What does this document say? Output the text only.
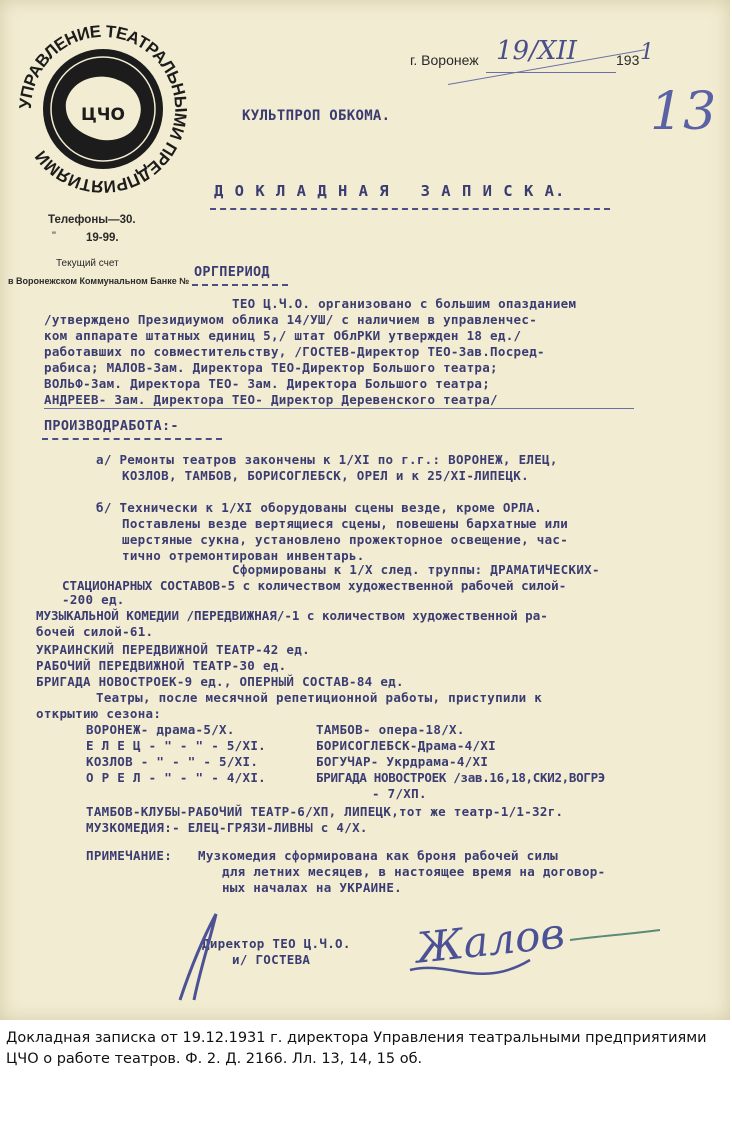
ЦЧО
УПРАВЛЕНИЕ ТЕАТРАЛЬНЫМИ ПРЕДПРИЯТИЯМИ
г. Воронеж 19/XII	193 1
13
Телефоны—30.
"	19-99.
Текущий счет
в Воронежском Коммунальном Банке №
КУЛЬТПРОП ОБКОМА.
Д О К Л А Д Н А Я   З А П И С К А.
ОРГПЕРИОД
ТЕО Ц.Ч.О. организовано с большим опазданием
/утверждено Президиумом облика 14/УШ/ с наличием в управленчес-
ком аппарате штатных единиц 5,/ штат ОблРКИ утвержден 18 ед./
работавших по совместительству, /ГОСТЕВ-Директор ТЕО-Зав.Посред-
рабиса; МАЛОВ-Зам. Директора ТЕО-Директор Большого театра;
ВОЛЬФ-Зам. Директора ТЕО- Зам. Директора Большого театра;
АНДРЕЕВ- Зам. Директора ТЕО- Директор Деревенского театра/
ПРОИЗВОДРАБОТА:-
а/ Ремонты театров закончены к 1/XI по г.г.: ВОРОНЕЖ, ЕЛЕЦ,
КОЗЛОВ, ТАМБОВ, БОРИСОГЛЕБСК, ОРЕЛ и к 25/XI-ЛИПЕЦК.
б/ Технически к 1/XI оборудованы сцены везде, кроме ОРЛА.
Поставлены везде вертящиеся сцены, повешены бархатные или
шерстяные сукна, установлено прожекторное освещение, час-
тично отремонтирован инвентарь.
Сформированы к 1/X след. труппы: ДРАМАТИЧЕСКИХ-
СТАЦИОНАРНЫХ СОСТАВОВ-5 с количеством художественной рабочей силой-
-200 ед.
МУЗЫКАЛЬНОЙ КОМЕДИИ /ПЕРЕДВИЖНАЯ/-1 с количеством художественной ра-
бочей силой-61.
УКРАИНСКИЙ ПЕРЕДВИЖНОЙ ТЕАТР-42 ед.
РАБОЧИЙ ПЕРЕДВИЖНОЙ ТЕАТР-30 ед.
БРИГАДА НОВОСТРОЕК-9 ед., ОПЕРНЫЙ СОСТАВ-84 ед.
Театры, после месячной репетиционной работы, приступили к
открытию сезона:
ВОРОНЕЖ- драма-5/Х.	ТАМБОВ- опера-18/Х.
Е Л Е Ц - " - " - 5/XI.	БОРИСОГЛЕБСК-Драма-4/XI
КОЗЛОВ - " - " - 5/XI.	БОГУЧАР- Укрдрама-4/XI
О Р Е Л - " - " - 4/XI.	БРИГАДА НОВОСТРОЕК /зав.16,18,СКИ2,ВОГРЭ
- 7/ХП.
ТАМБОВ-КЛУБЫ-РАБОЧИЙ ТЕАТР-6/ХП, ЛИПЕЦК,тот же театр-1/1-32г.
МУЗКОМЕДИЯ:- ЕЛЕЦ-ГРЯЗИ-ЛИВНЫ с 4/Х.
ПРИМЕЧАНИЕ: Музкомедия сформирована как броня рабочей силы
для летних месяцев, в настоящее время на договор-
ных началах на УКРАИНЕ.
Директор ТЕО Ц.Ч.О.
и/ ГОСТЕВА Жалов
Докладная записка от 19.12.1931 г. директора Управления театральными предприятиями ЦЧО о работе театров. Ф. 2. Д. 2166. Лл. 13, 14, 15 об.
